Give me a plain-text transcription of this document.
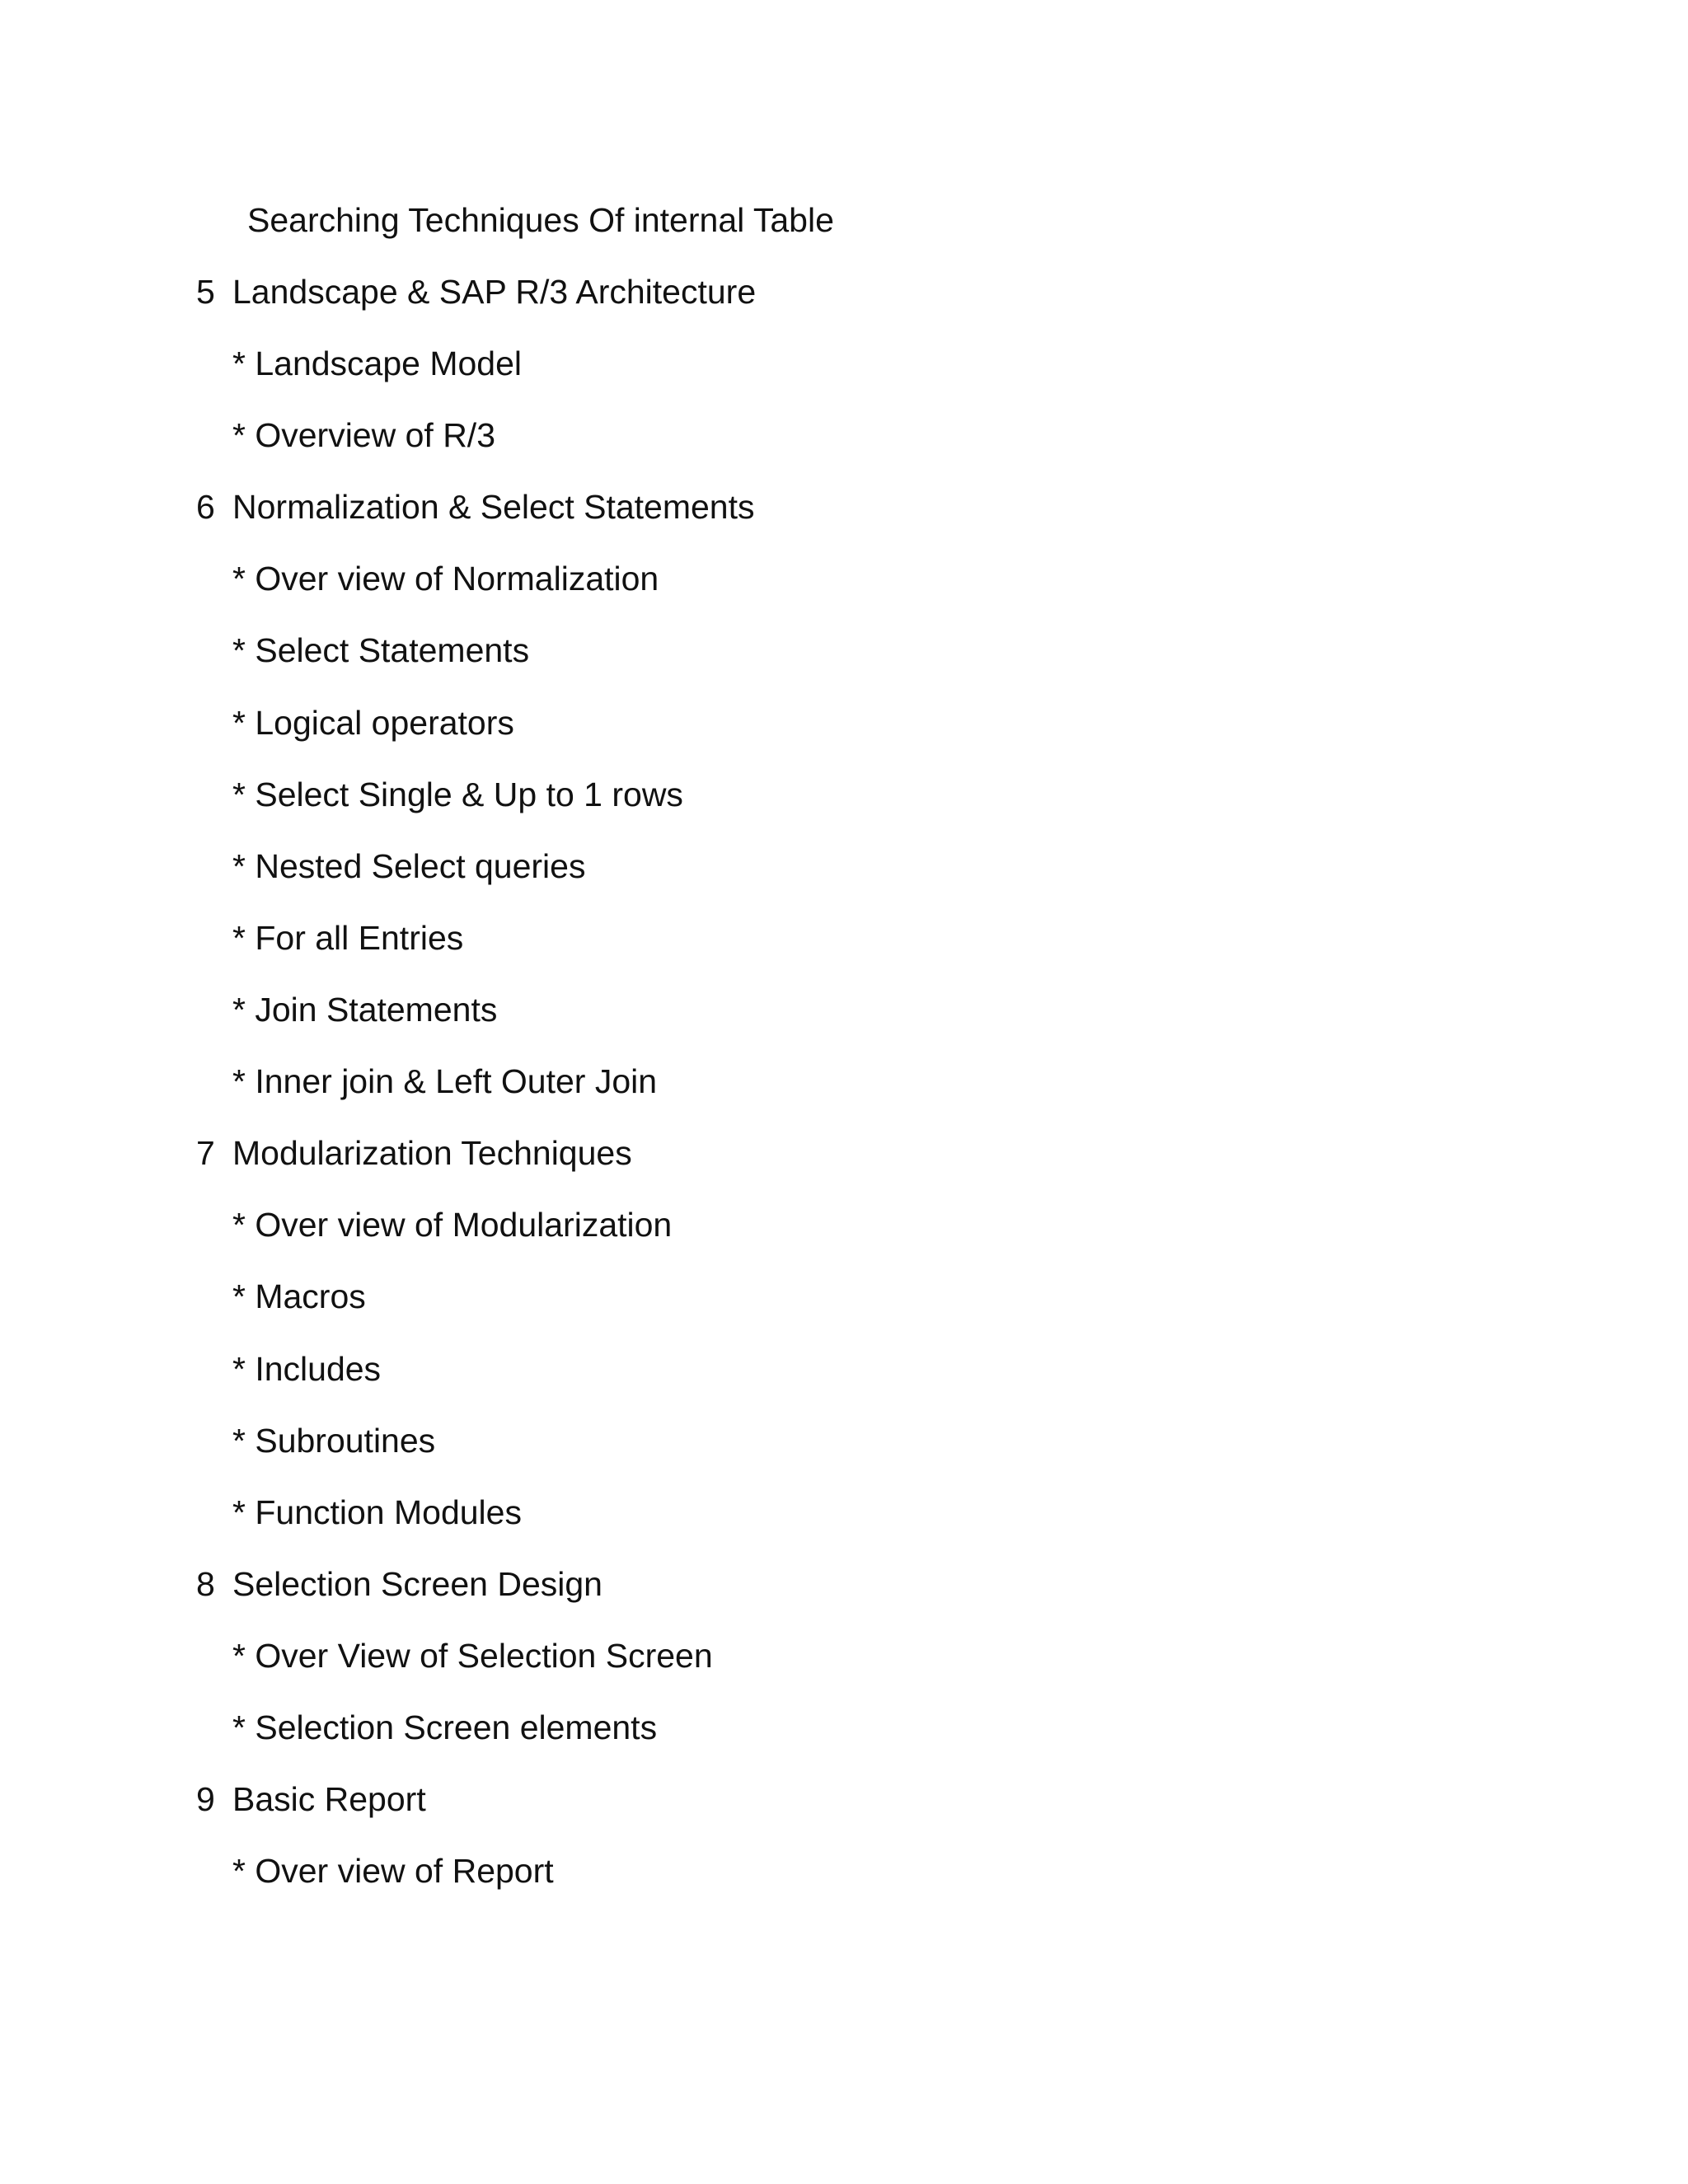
Searching Techniques Of internal Table
5 Landscape & SAP R/3 Architecture
* Landscape Model
* Overview of R/3
6 Normalization & Select Statements
* Over view of Normalization
* Select Statements
* Logical operators
* Select Single & Up to 1 rows
* Nested Select queries
* For all Entries
* Join Statements
* Inner join & Left Outer Join
7 Modularization Techniques
* Over view of Modularization
* Macros
* Includes
* Subroutines
* Function Modules
8 Selection Screen Design
* Over View of Selection Screen
* Selection Screen elements
9 Basic Report
* Over view of Report
